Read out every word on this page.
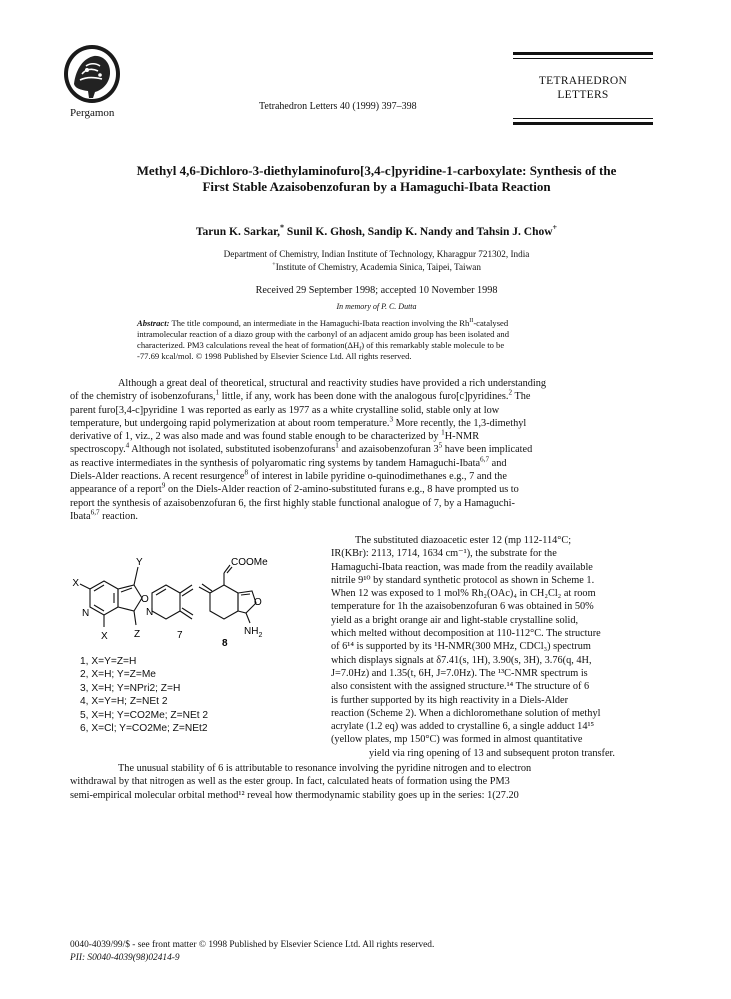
Pergamon
TETRAHEDRON
LETTERS
Tetrahedron Letters 40 (1999) 397–398
Methyl 4,6-Dichloro-3-diethylaminofuro[3,4-c]pyridine-1-carboxylate: Synthesis of the
First Stable Azaisobenzofuran by a Hamaguchi-Ibata Reaction
Tarun K. Sarkar,* Sunil K. Ghosh, Sandip K. Nandy and Tahsin J. Chow+
Department of Chemistry, Indian Institute of Technology, Kharagpur 721302, India
+Institute of Chemistry, Academia Sinica, Taipei, Taiwan
Received 29 September 1998; accepted 10 November 1998
In memory of P. C. Dutta
Abstract: The title compound, an intermediate in the Hamaguchi-Ibata reaction involving the $Rh^{II}$-catalysed
intramolecular reaction of a diazo group with the carbonyl of an adjacent amido group has been isolated and
characterized. PM3 calculations reveal the heat of $formation(\Delta H_f)$ of this remarkably stable molecule to be
-77.69 kcal/mol. © 1998 Published by Elsevier Science Ltd. All rights reserved.
Although a great deal of theoretical, structural and reactivity studies have provided a rich understanding
of the chemistry of isobenzofurans,$^1$ little, if any, work has been done with the analogous furo[c]pyridines.$^2$ The
parent furo[3,4-c]pyridine 1 was reported as early as 1977 as a white crystalline solid, stable only at low
temperature, but undergoing rapid polymerization at about room temperature.$^3$ More recently, the 1,3-dimethyl
derivative of 1, viz., 2 was also made and was found stable enough to be characterized by $^1$H-NMR
spectroscopy.$^4$ Although not isolated, substituted isobenzofurans$^1$ and azaisobenzofuran $3^5$ have been implicated
as reactive intermediates in the synthesis of polyaromatic ring systems by tandem Hamaguchi-Ibata$^{6,7}$ and
Diels-Alder reactions. A recent resurgence$^8$ of interest in labile pyridine o-quinodimethanes e.g., 7 and the
appearance of a report$^9$ on the Diels-Alder reaction of 2-amino-substituted furans e.g., 8 have prompted us to
report the synthesis of azaisobenzofuran 6, the first highly stable functional analogue of 7, by a Hamaguchi-
Ibata$^{6,7}$ reaction.
The substituted diazoacetic ester 12 (mp 112-114°C;
IR(KBr): 2113, 1714, 1634 cm⁻¹), the substrate for the
Hamaguchi-Ibata reaction, was made from the readily available
nitrile 9¹⁰ by standard synthetic protocol as shown in Scheme 1.
When 12 was exposed to 1 mol% Rh₂(OAc)₄ in CH₂Cl₂ at room
temperature for 1h the azaisobenzofuran 6 was obtained in 50%
yield as a bright orange air and light-stable crystalline solid,
which melted without decomposition at 110-112°C. The structure
of 6¹⁴ is supported by its ¹H-NMR(300 MHz, CDCl₃) spectrum
which displays signals at δ7.41(s, 1H), 3.90(s, 3H), 3.76(q, 4H,
J=7.0Hz) and 1.35(t, 6H, J=7.0Hz). The ¹³C-NMR spectrum is
also consistent with the assigned structure.¹⁴ The structure of 6
is further supported by its high reactivity in a Diels-Alder
reaction (Scheme 2). When a dichloromethane solution of methyl
acrylate (1.2 eq) was added to crystalline 6, a single adduct 14¹⁵
(yellow plates, mp 150°C) was formed in almost quantitative
yield via ring opening of 13 and subsequent proton transfer.
X
Y
X	Z
N
O
N
7
COOMe
O
$NH_2$
8
1, X=Y=Z=H
2, X=H; Y=Z=Me
3, X=H; Y=NPri2; Z=H
4, X=Y=H; Z=NEt 2
5, X=H; Y=CO2Me; Z=NEt 2
6, X=Cl; Y=CO2Me; Z=NEt2
The unusual stability of 6 is attributable to resonance involving the pyridine nitrogen and to electron
withdrawal by that nitrogen as well as the ester group. In fact, calculated heats of formation using the PM3
semi-empirical molecular orbital method¹² reveal how thermodynamic stability goes up in the series: 1(27.20
0040-4039/99/$ - see front matter © 1998 Published by Elsevier Science Ltd. All rights reserved.
PII: S0040-4039(98)02414-9
